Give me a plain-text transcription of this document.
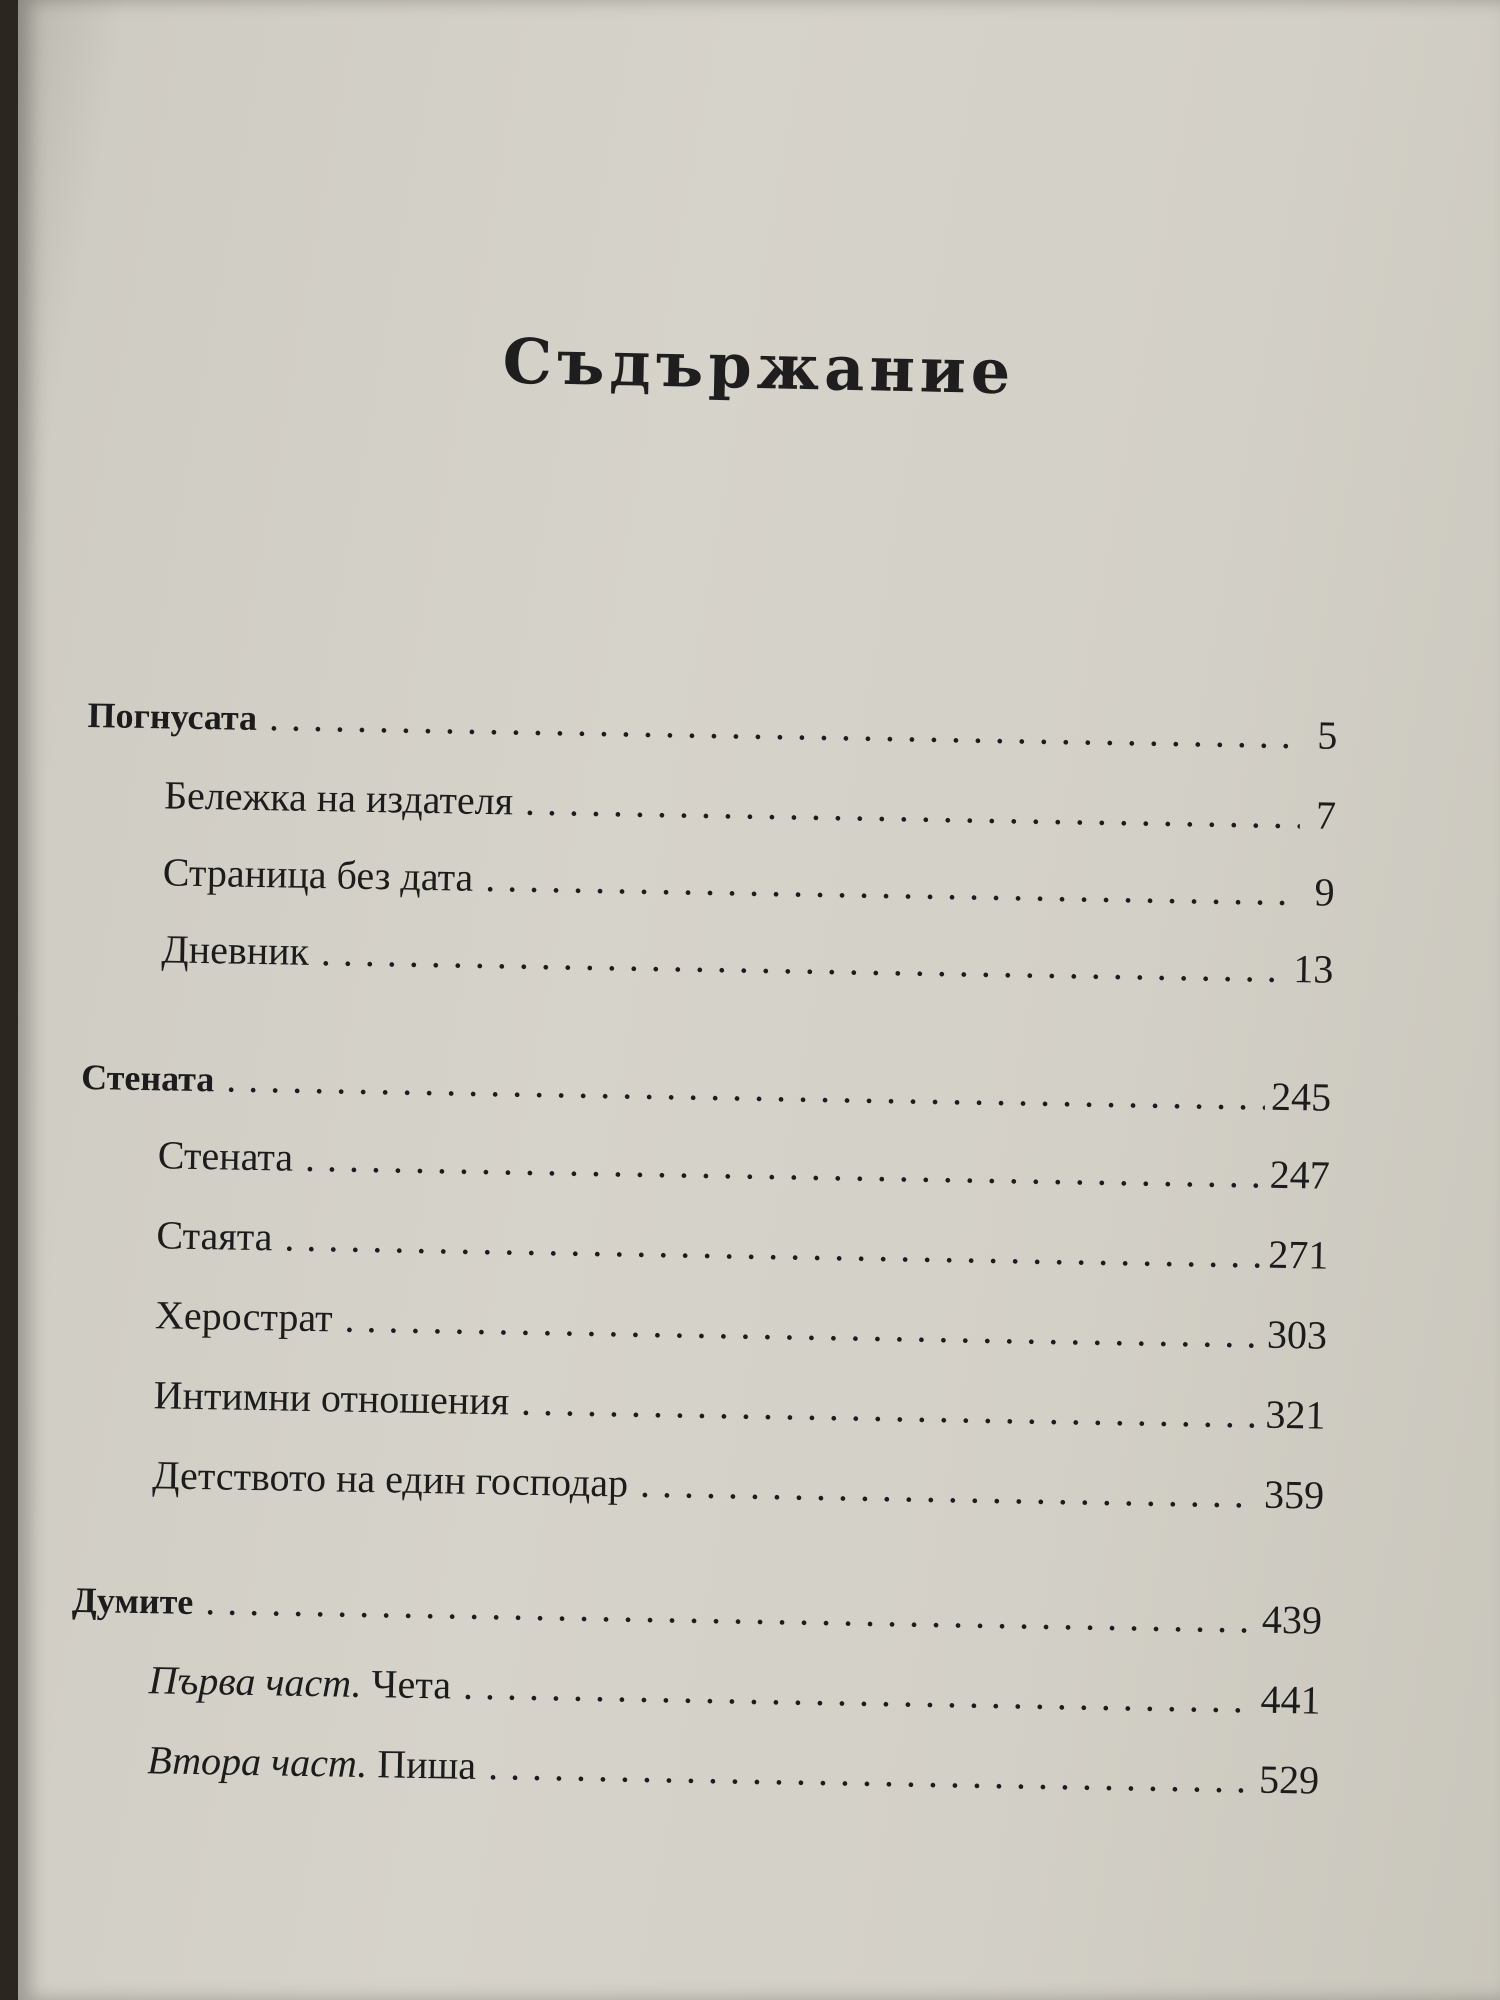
Съдържание
Погнусата . . .	5
Бележка на издателя . . .	7
Страница без дата . . .	9
Дневник . . .	13
Стената . . .	245
Стената . . .	247
Стаята . . .	271
Херострат . . .	303
Интимни отношения . . .	321
Детството на един господар . . .	359
Думите . . .	439
Първа част. Чета . . .	441
Втора част. Пиша . . .	529
